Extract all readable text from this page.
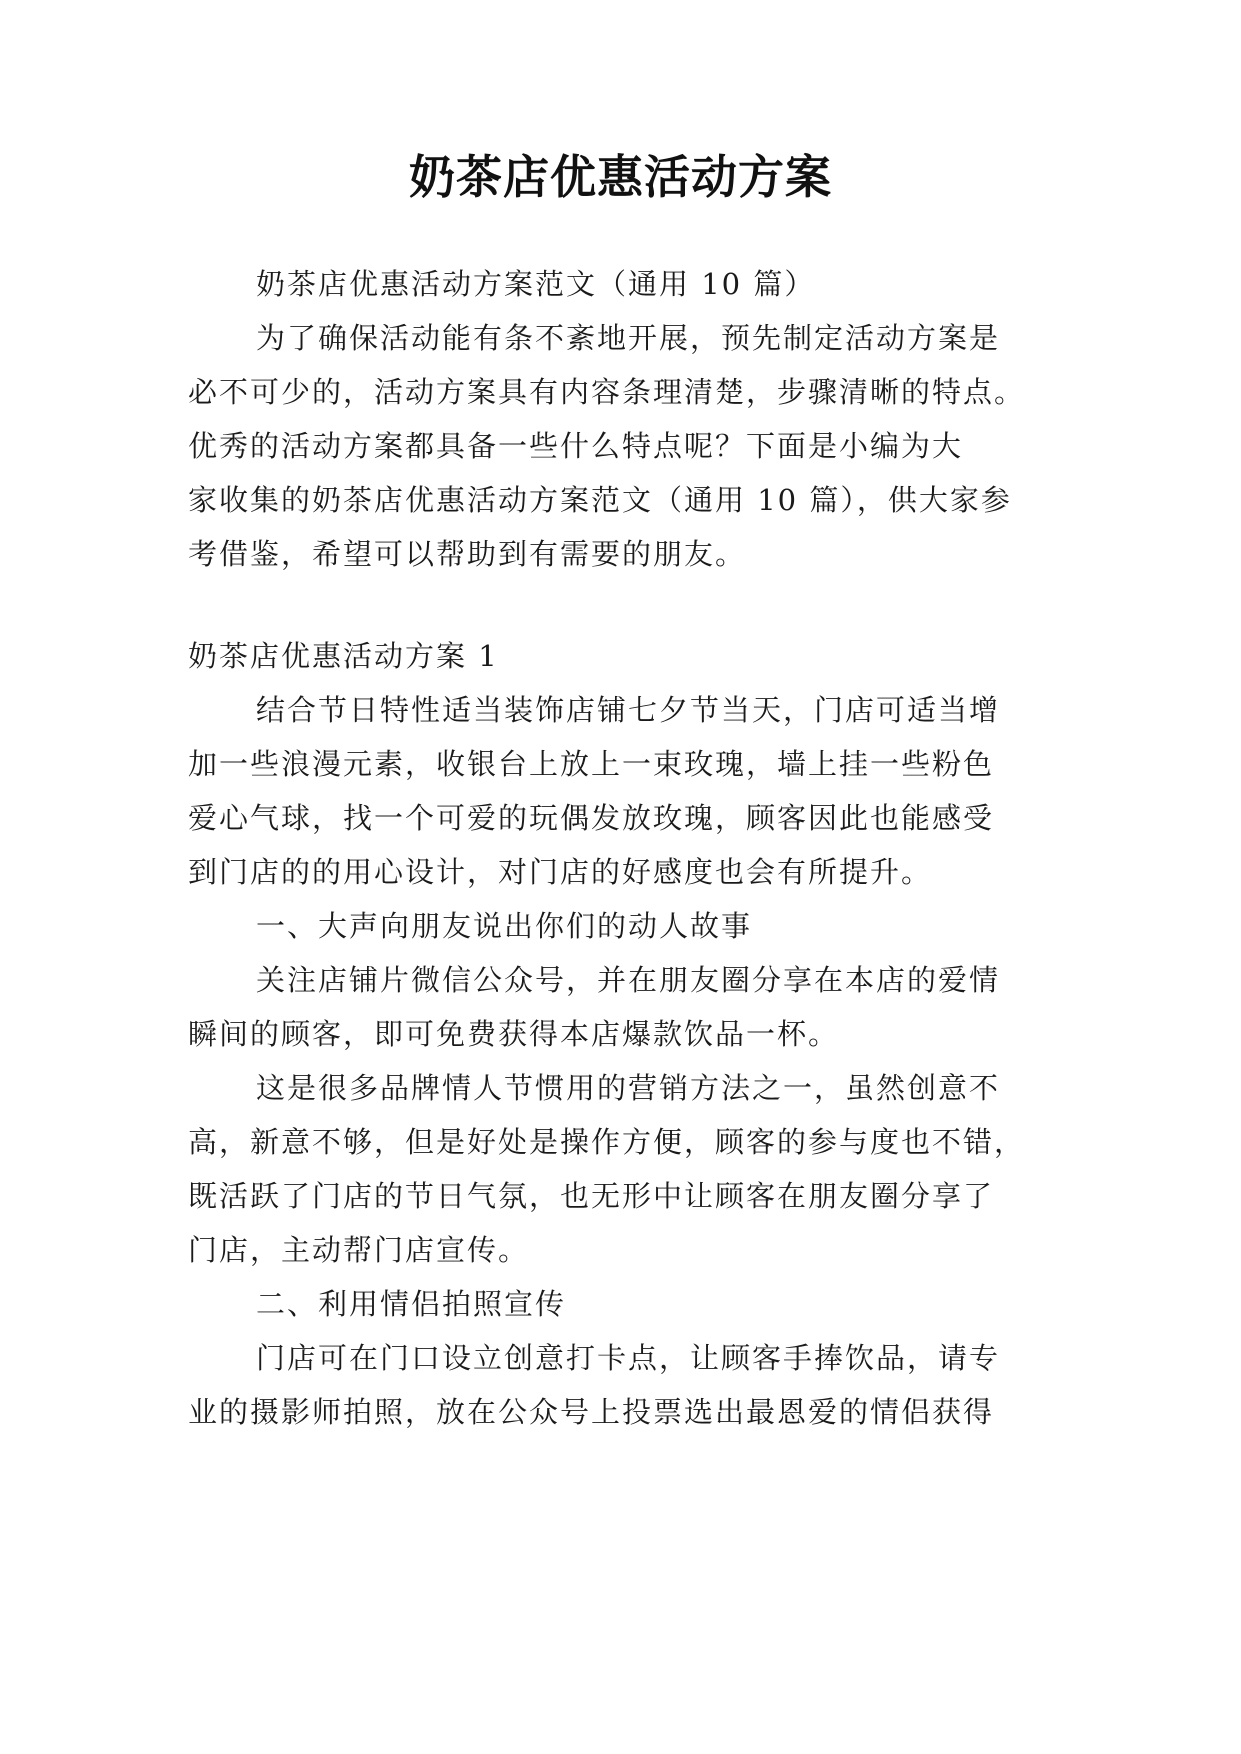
奶茶店优惠活动方案
奶茶店优惠活动方案范文（通用 10 篇）
为了确保活动能有条不紊地开展，预先制定活动方案是
必不可少的，活动方案具有内容条理清楚，步骤清晰的特点。
优秀的活动方案都具备一些什么特点呢？下面是小编为大
家收集的奶茶店优惠活动方案范文（通用 10 篇），供大家参
考借鉴，希望可以帮助到有需要的朋友。
奶茶店优惠活动方案 1
结合节日特性适当装饰店铺七夕节当天，门店可适当增
加一些浪漫元素，收银台上放上一束玫瑰，墙上挂一些粉色
爱心气球，找一个可爱的玩偶发放玫瑰，顾客因此也能感受
到门店的的用心设计，对门店的好感度也会有所提升。
一、大声向朋友说出你们的动人故事
关注店铺片微信公众号，并在朋友圈分享在本店的爱情
瞬间的顾客，即可免费获得本店爆款饮品一杯。
这是很多品牌情人节惯用的营销方法之一，虽然创意不
高，新意不够，但是好处是操作方便，顾客的参与度也不错，
既活跃了门店的节日气氛，也无形中让顾客在朋友圈分享了
门店，主动帮门店宣传。
二、利用情侣拍照宣传
门店可在门口设立创意打卡点，让顾客手捧饮品，请专
业的摄影师拍照，放在公众号上投票选出最恩爱的情侣获得
